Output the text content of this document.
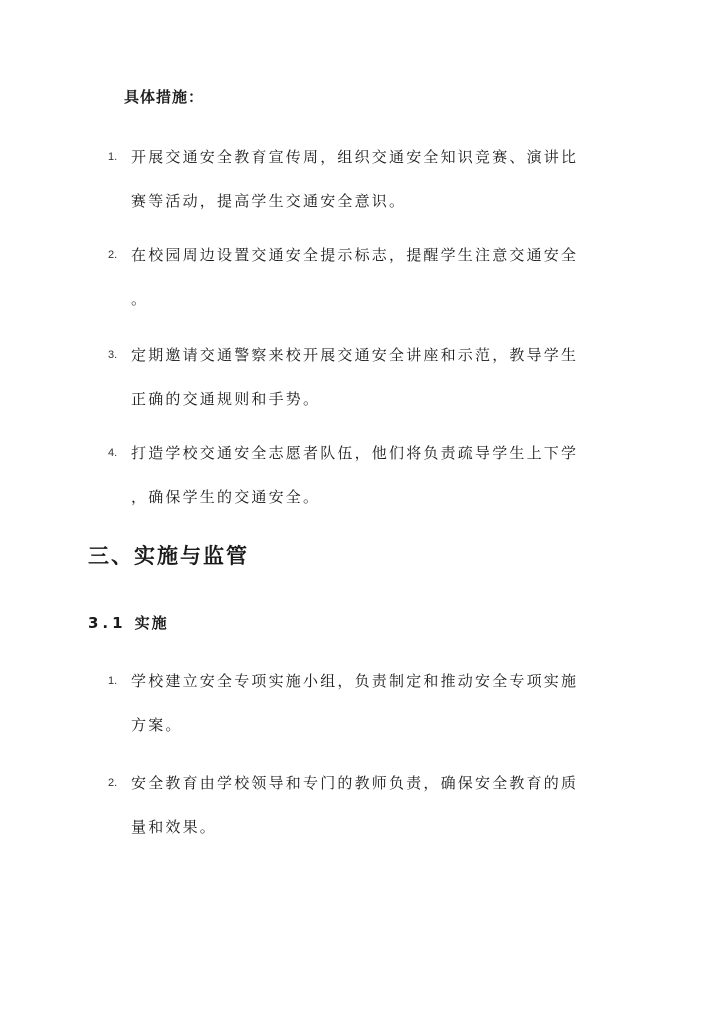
具体措施：
1. 开展交通安全教育宣传周，组织交通安全知识竞赛、演讲比
赛等活动，提高学生交通安全意识。
2. 在校园周边设置交通安全提示标志，提醒学生注意交通安全
。
3. 定期邀请交通警察来校开展交通安全讲座和示范，教导学生
正确的交通规则和手势。
4. 打造学校交通安全志愿者队伍，他们将负责疏导学生上下学
，确保学生的交通安全。
三、实施与监管
3.1 实施
1. 学校建立安全专项实施小组，负责制定和推动安全专项实施
方案。
2. 安全教育由学校领导和专门的教师负责，确保安全教育的质
量和效果。
